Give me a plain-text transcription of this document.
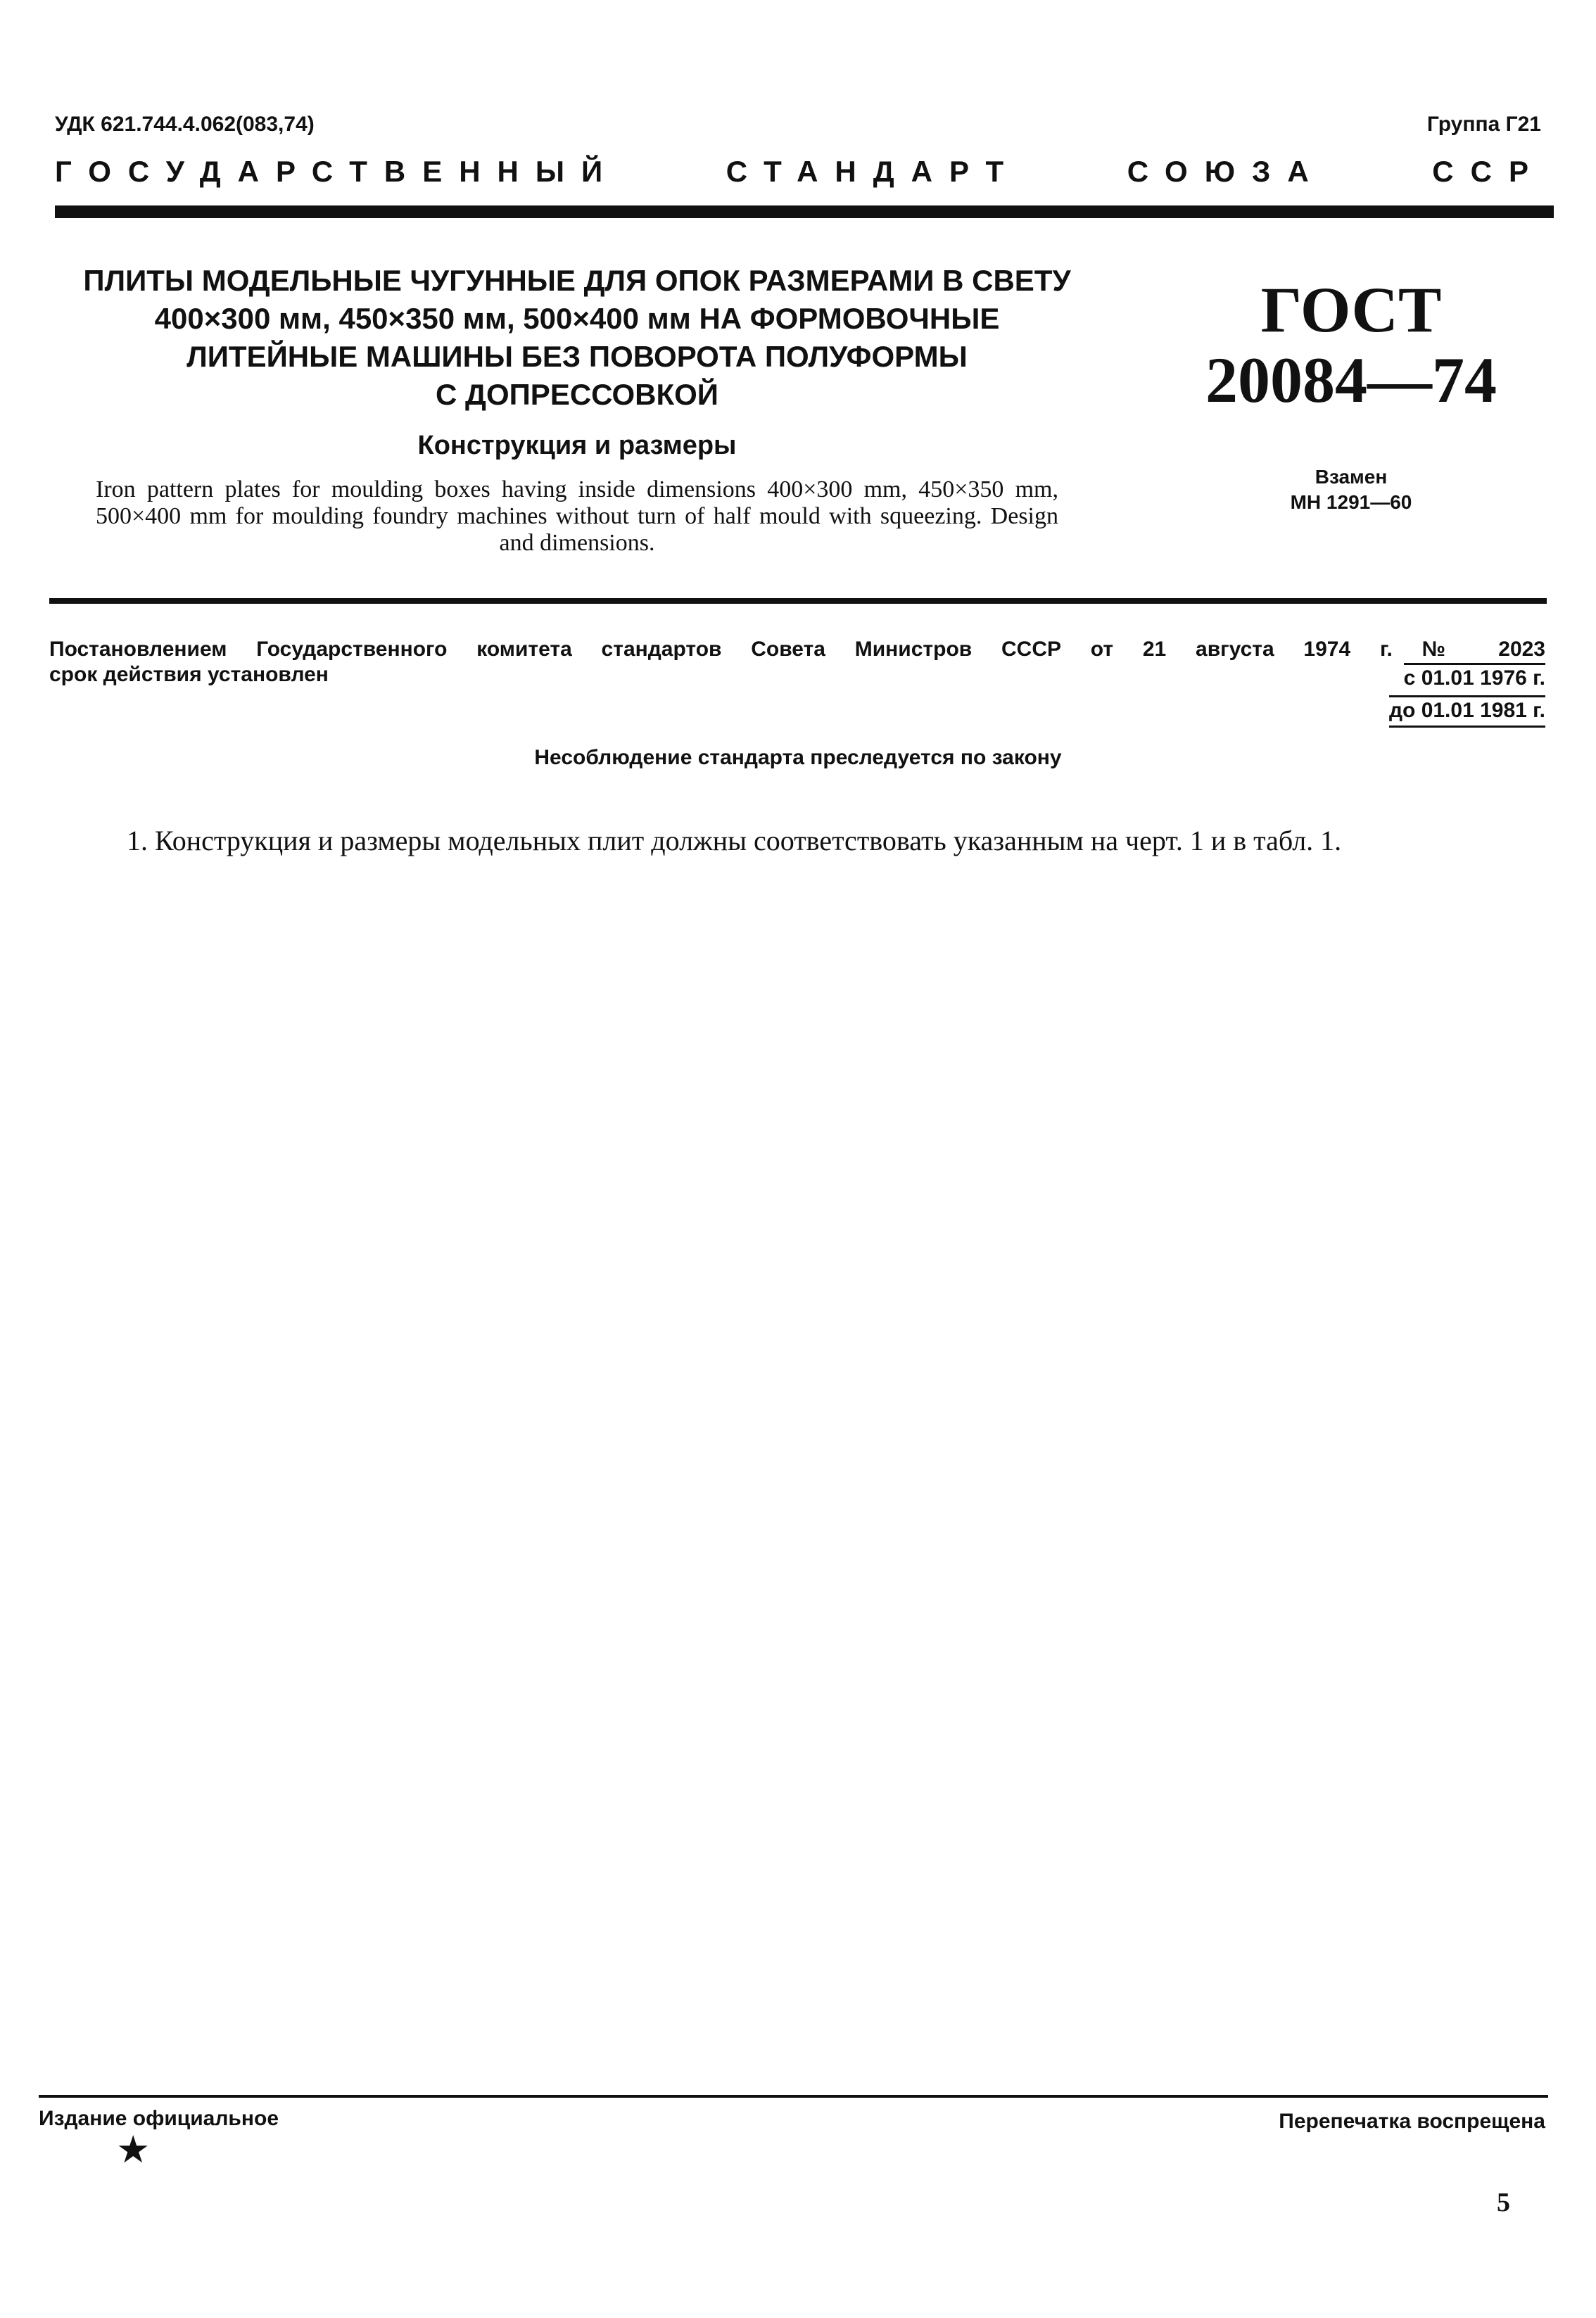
УДК 621.744.4.062(083,74)	Группа Г21
ГОСУДАРСТВЕННЫЙ	СТАНДАРТ	СОЮЗА	ССР
ПЛИТЫ МОДЕЛЬНЫЕ ЧУГУННЫЕ ДЛЯ ОПОК РАЗМЕРАМИ В СВЕТУ
400×300 мм, 450×350 мм, 500×400 мм НА ФОРМОВОЧНЫЕ
ЛИТЕЙНЫЕ МАШИНЫ БЕЗ ПОВОРОТА ПОЛУФОРМЫ
С ДОПРЕССОВКОЙ
Конструкция и размеры
Iron pattern plates for moulding boxes having inside dimensions 400×300 mm, 450×350 mm, 500×400 mm for moulding foundry machines without turn of half mould with squeezing. Design and dimensions.
ГОСТ
20084—74
Взамен
МН 1291—60
Постановлением Государственного комитета стандартов Совета Министров СССР от 21 августа 1974 г. № 2023
срок действия установлен	с 01.01 1976 г.
до 01.01 1981 г.
Несоблюдение стандарта преследуется по закону
1. Конструкция и размеры модельных плит должны соответствовать указанным на черт. 1 и в табл. 1.
Издание официальное
★
Перепечатка воспрещена
5
